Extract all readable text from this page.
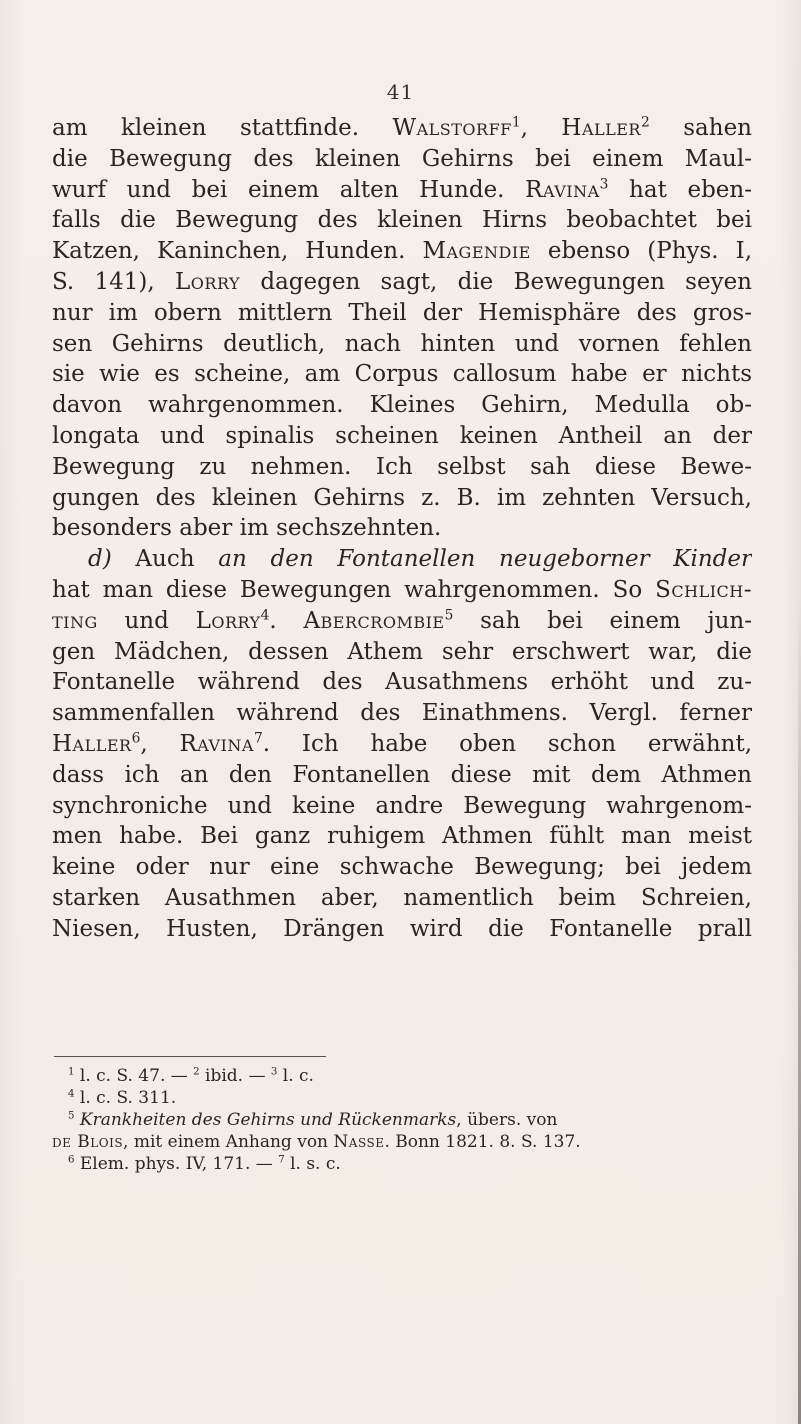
41
am kleinen stattfinde. Walstorff$^1$, Haller$^2$ sahen
die Bewegung des kleinen Gehirns bei einem Maul-
wurf und bei einem alten Hunde. Ravina$^3$ hat eben-
falls die Bewegung des kleinen Hirns beobachtet bei
Katzen, Kaninchen, Hunden. Magendie ebenso (Phys. I,
S. 141), Lorry dagegen sagt, die Bewegungen seyen
nur im obern mittlern Theil der Hemisphäre des gros-
sen Gehirns deutlich, nach hinten und vornen fehlen
sie wie es scheine, am Corpus callosum habe er nichts
davon wahrgenommen. Kleines Gehirn, Medulla ob-
longata und spinalis scheinen keinen Antheil an der
Bewegung zu nehmen. Ich selbst sah diese Bewe-
gungen des kleinen Gehirns z. B. im zehnten Versuch,
besonders aber im sechszehnten.
d) Auch an den Fontanellen neugeborner Kinder
hat man diese Bewegungen wahrgenommen. So Schlich-
ting und Lorry$^4$. Abercrombie$^5$ sah bei einem jun-
gen Mädchen, dessen Athem sehr erschwert war, die
Fontanelle während des Ausathmens erhöht und zu-
sammenfallen während des Einathmens. Vergl. ferner
Haller$^6$, Ravina$^7$. Ich habe oben schon erwähnt,
dass ich an den Fontanellen diese mit dem Athmen
synchroniche und keine andre Bewegung wahrgenom-
men habe. Bei ganz ruhigem Athmen fühlt man meist
keine oder nur eine schwache Bewegung; bei jedem
starken Ausathmen aber, namentlich beim Schreien,
Niesen, Husten, Drängen wird die Fontanelle prall
$^1$ l. c. S. 47. — $^2$ ibid. — $^3$ l. c.
$^4$ l. c. S. 311.
$^5$ Krankheiten des Gehirns und Rückenmarks, übers. von
de Blois, mit einem Anhang von Nasse. Bonn 1821. 8. S. 137.
$^6$ Elem. phys. IV, 171. — $^7$ l. s. c.
